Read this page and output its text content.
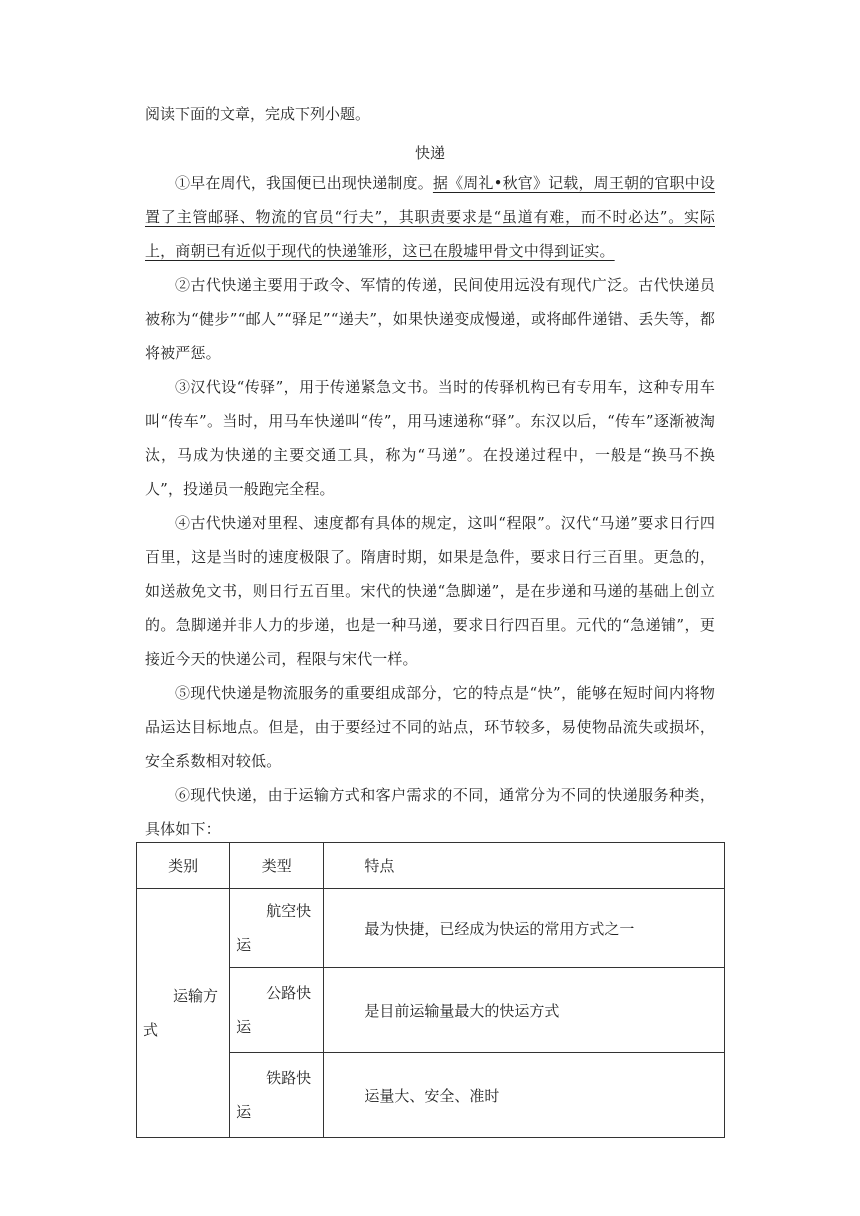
阅读下面的文章，完成下列小题。
快递

①早在周代，我国便已出现快递制度。据《周礼•秋官》记载，周王朝的官职中设置了主管邮驿、物流的官员“行夫”，其职责要求是“虽道有难，而不时必达”。实际上，商朝已有近似于现代的快递雏形，这已在殷墟甲骨文中得到证实。

②古代快递主要用于政令、军情的传递，民间使用远没有现代广泛。古代快递员被称为“健步”“邮人”“驿足”“递夫”，如果快递变成慢递，或将邮件递错、丢失等，都将被严惩。

③汉代设“传驿”，用于传递紧急文书。当时的传驿机构已有专用车，这种专用车叫“传车”。当时，用马车快递叫“传”，用马速递称“驿”。东汉以后，“传车”逐渐被淘汰，马成为快递的主要交通工具，称为“马递”。在投递过程中，一般是“换马不换人”，投递员一般跑完全程。

④古代快递对里程、速度都有具体的规定，这叫“程限”。汉代“马递”要求日行四百里，这是当时的速度极限了。隋唐时期，如果是急件，要求日行三百里。更急的，如送赦免文书，则日行五百里。宋代的快递“急脚递”，是在步递和马递的基础上创立的。急脚递并非人力的步递，也是一种马递，要求日行四百里。元代的“急递铺”，更接近今天的快递公司，程限与宋代一样。

⑤现代快递是物流服务的重要组成部分，它的特点是“快”，能够在短时间内将物品运达目标地点。但是，由于要经过不同的站点，环节较多，易使物品流失或损坏，安全系数相对较低。

⑥现代快递，由于运输方式和客户需求的不同，通常分为不同的快递服务种类，具体如下：

类别	类型	特点
运输方式	航空快运	最为快捷，已经成为快运的常用方式之一
	公路快运	是目前运输量最大的快运方式
	铁路快运	运量大、安全、准时
